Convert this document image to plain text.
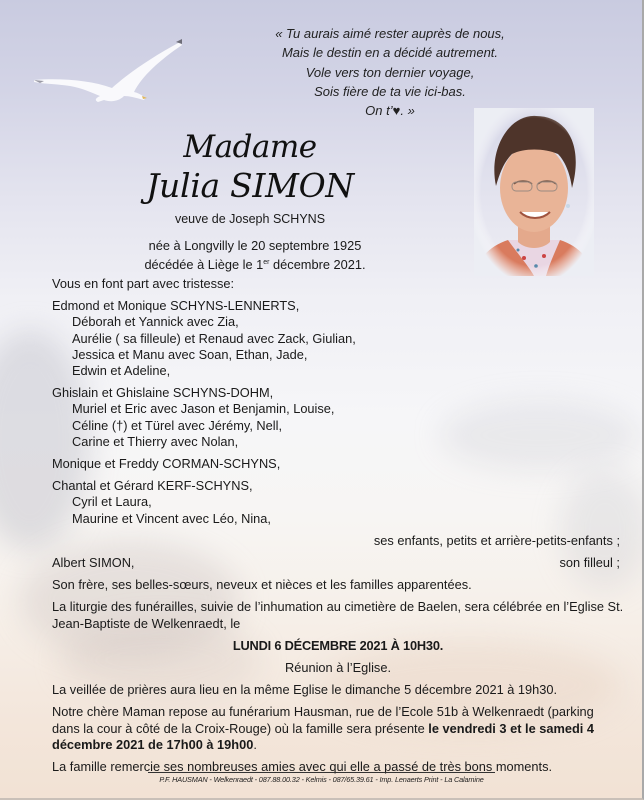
« Tu aurais aimé rester auprès de nous,
Mais le destin en a décidé autrement.
Vole vers ton dernier voyage,
Sois fière de ta vie ici-bas.
On t’♥. »
Madame
Julia SIMON
veuve de Joseph SCHYNS
née à Longvilly le 20 septembre 1925
décédée à Liège le 1er décembre 2021.

Vous en font part avec tristesse:

Edmond et Monique SCHYNS-LENNERTS,

Déborah et Yannick avec Zia,

Aurélie ( sa filleule) et Renaud avec Zack, Giulian,

Jessica et Manu avec Soan, Ethan, Jade,

Edwin et Adeline,

Ghislain et Ghislaine SCHYNS-DOHM,

Muriel et Eric avec Jason et Benjamin, Louise,

Céline (†) et Türel avec Jérémy, Nell,

Carine et Thierry avec Nolan,

Monique et Freddy CORMAN-SCHYNS,

Chantal et Gérard KERF-SCHYNS,

Cyril et Laura,

Maurine et Vincent avec Léo, Nina,

ses enfants, petits et arrière-petits-enfants ;

Albert SIMON,	son filleul ;

Son frère, ses belles-sœurs, neveux et nièces et les familles apparentées.

La liturgie des funérailles, suivie de l’inhumation au cimetière de Baelen, sera célébrée en l’Eglise St. Jean-Baptiste de Welkenraedt, le

LUNDI 6 DÉCEMBRE 2021 À 10H30.

Réunion à l’Eglise.

La veillée de prières aura lieu en la même Eglise le dimanche 5 décembre 2021 à 19h30.

Notre chère Maman repose au funérarium Hausman, rue de l’Ecole 51b à Welkenraedt (parking dans la cour à côté de la Croix-Rouge) où la famille sera présente le vendredi 3 et le samedi 4 décembre 2021 de 17h00 à 19h00.

La famille remercie ses nombreuses amies avec qui elle a passé de très bons moments.

P.F. HAUSMAN - Welkenraedt - 087.88.00.32 - Kelmis - 087/65.39.61 - Imp. Lenaerts Print - La Calamine
